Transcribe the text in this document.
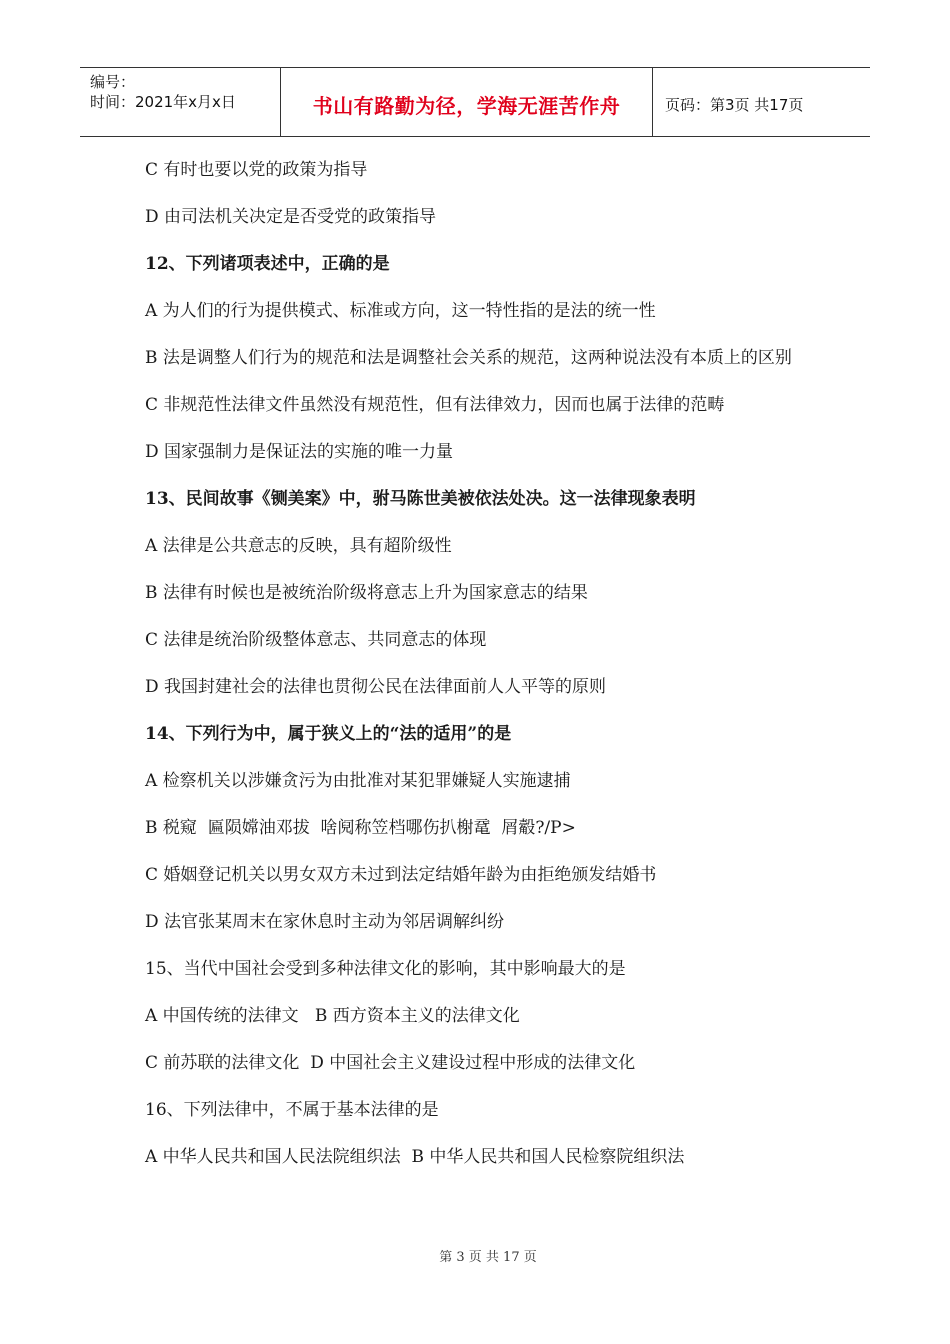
编号：
时间：2021年x月x日	书山有路勤为径，学海无涯苦作舟	页码：第3页 共17页
C 有时也要以党的政策为指导
D 由司法机关决定是否受党的政策指导
12、下列诸项表述中，正确的是
A 为人们的行为提供模式、标准或方向，这一特性指的是法的统一性
B 法是调整人们行为的规范和法是调整社会关系的规范，这两种说法没有本质上的区别
C 非规范性法律文件虽然没有规范性，但有法律效力，因而也属于法律的范畴
D 国家强制力是保证法的实施的唯一力量
13、民间故事《铡美案》中，驸马陈世美被依法处决。这一法律现象表明
A 法律是公共意志的反映，具有超阶级性
B 法律有时候也是被统治阶级将意志上升为国家意志的结果
C 法律是统治阶级整体意志、共同意志的体现
D 我国封建社会的法律也贯彻公民在法律面前人人平等的原则
14、下列行为中，属于狭义上的“法的适用”的是
A 检察机关以涉嫌贪污为由批准对某犯罪嫌疑人实施逮捕
B 税窥  匾陨嫦油邓拔  啥阋称笠档哪伤扒榭鼋  屑觳?/P>
C 婚姻登记机关以男女双方未过到法定结婚年龄为由拒绝颁发结婚书
D 法官张某周末在家休息时主动为邻居调解纠纷
15、当代中国社会受到多种法律文化的影响，其中影响最大的是
A 中国传统的法律文   B 西方资本主义的法律文化
C 前苏联的法律文化  D 中国社会主义建设过程中形成的法律文化
16、下列法律中，不属于基本法律的是
A 中华人民共和国人民法院组织法  B 中华人民共和国人民检察院组织法
第 3 页 共 17 页
